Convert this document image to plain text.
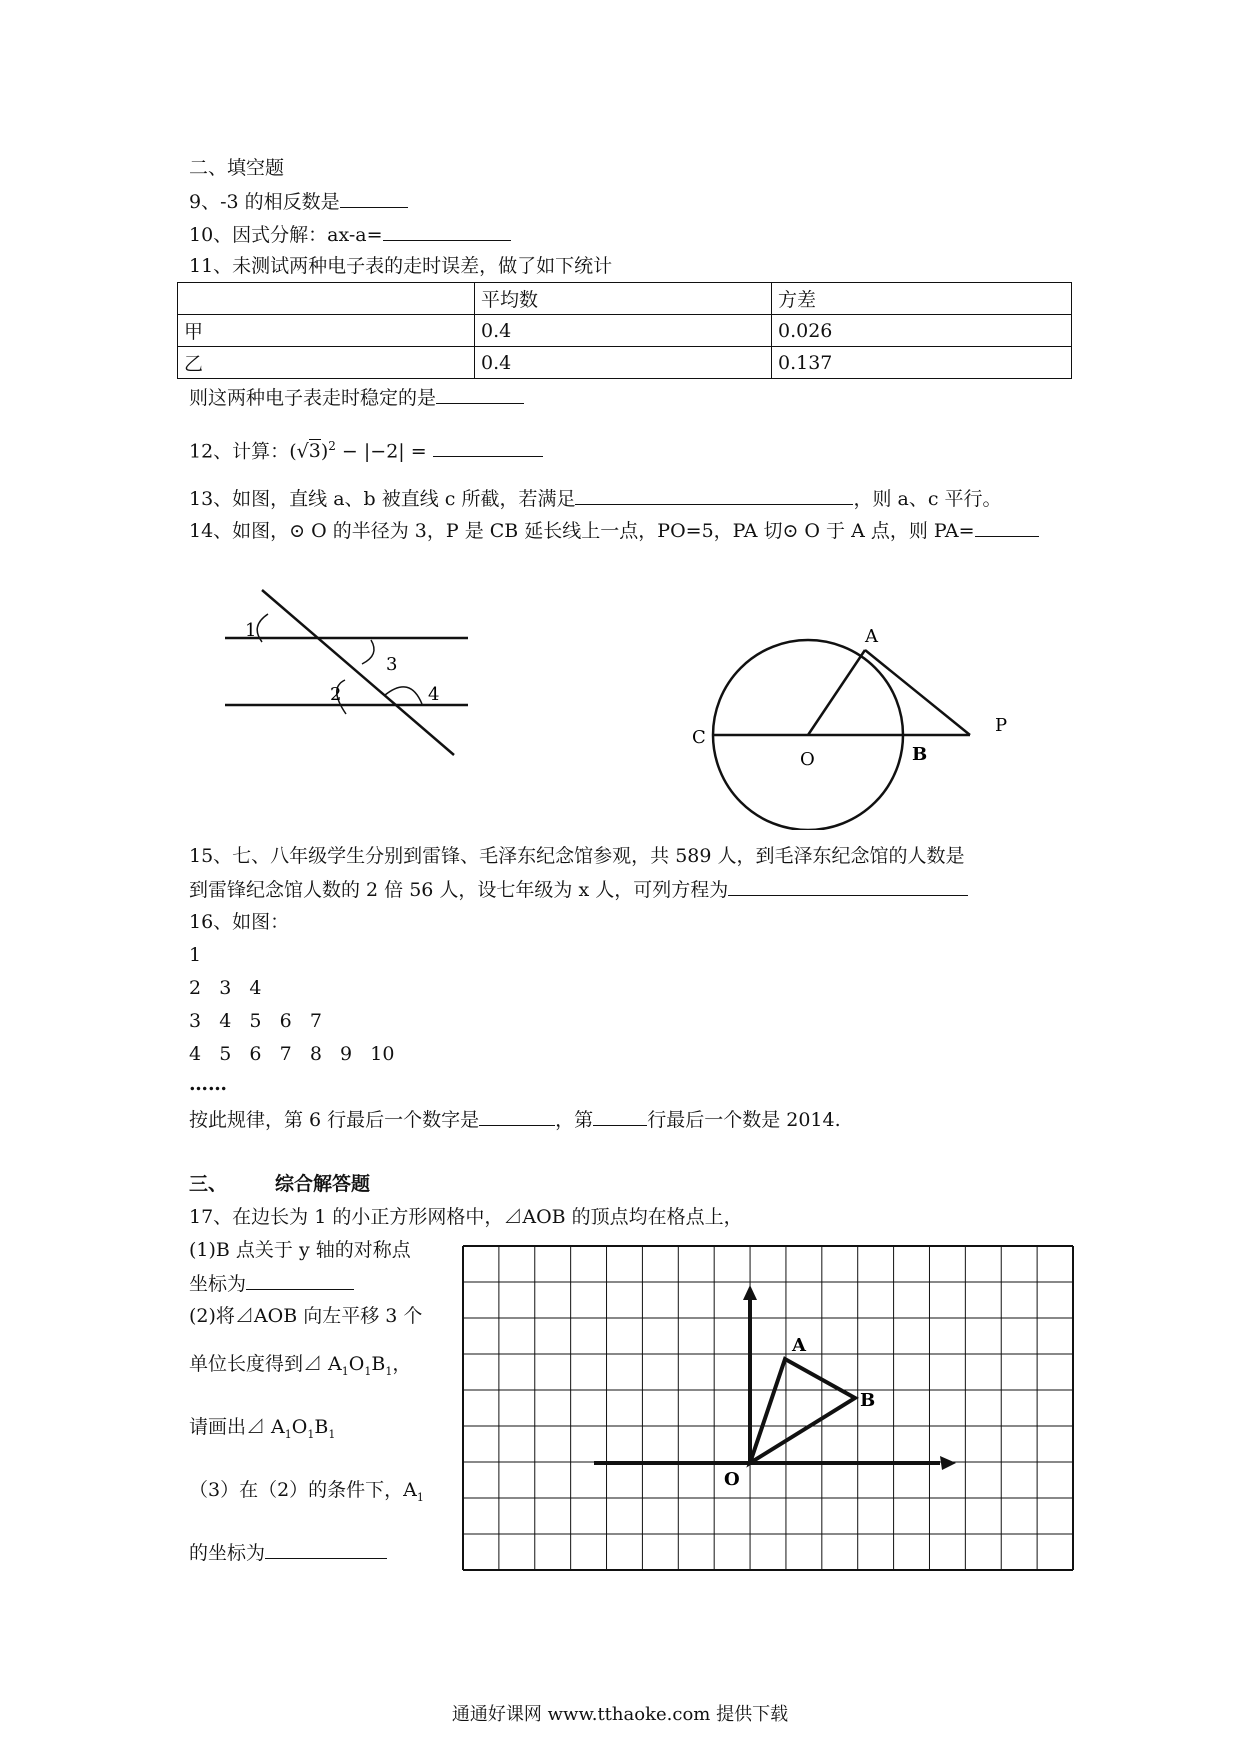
二、填空题
9、-3 的相反数是
10、因式分解：ax-a=
11、未测试两种电子表的走时误差，做了如下统计
	平均数	方差
甲	0.4	0.026
乙	0.4	0.137
则这两种电子表走时稳定的是
12、计算：$(√3)^2 - |-2|$ =
13、如图，直线 a、b 被直线 c 所截，若满足	，则 a、c 平行。
14、如图，⊙ O 的半径为 3，P 是 CB 延长线上一点，PO=5，PA 切⊙ O 于 A 点，则 PA=
1
2
3
4
A
C
O	B
P
15、七、八年级学生分别到雷锋、毛泽东纪念馆参观，共 589 人，到毛泽东纪念馆的人数是
到雷锋纪念馆人数的 2 倍 56 人，设七年级为 x 人，可列方程为
16、如图：
1
2   3   4
3   4   5   6   7
4   5   6   7   8   9   10
……
按此规律，第 6 行最后一个数字是	，第	行最后一个数是 2014.
三、	综合解答题
17、在边长为 1 的小正方形网格中，⊿AOB 的顶点均在格点上，
(1)B 点关于 y 轴的对称点
坐标为
(2)将⊿AOB 向左平移 3 个
单位长度得到⊿ $A_1O_1B_1$，
请画出⊿ $A_1O_1B_1$
（3）在（2）的条件下，$A_1$
的坐标为
A
B
O
通通好课网 www.tthaoke.com 提供下载
